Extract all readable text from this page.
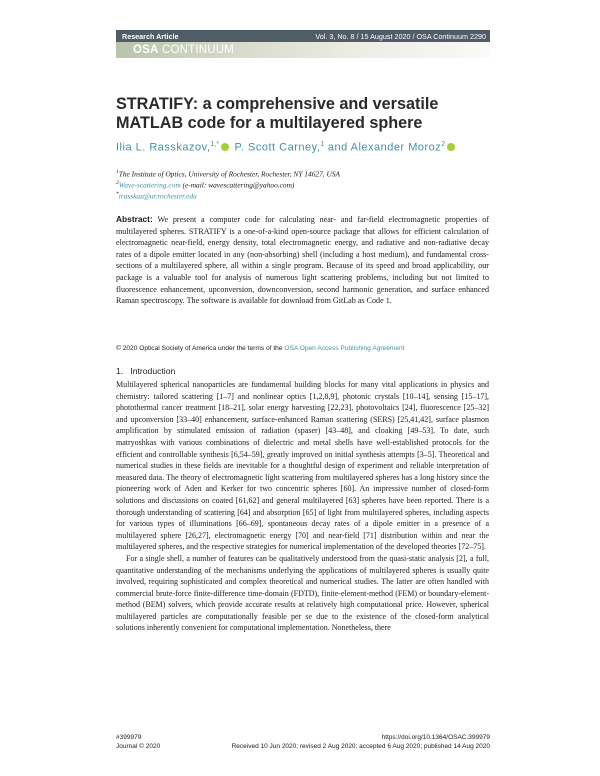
Research Article	Vol. 3, No. 8 / 15 August 2020 / OSA Continuum 2290
OSA CONTINUUM
STRATIFY: a comprehensive and versatile MATLAB code for a multilayered sphere
Ilia L. Rasskazov,$^{1,*}$ P. Scott Carney,$^1$ and Alexander Moroz$^2$
$^1$The Institute of Optics, University of Rochester, Rochester, NY 14627, USA
$^2$Wave-scattering.com (e-mail: wavescattering@yahoo.com)
*irasskaz@ur.rochester.edu
Abstract: We present a computer code for calculating near- and far-field electromagnetic properties of multilayered spheres. STRATIFY is a one-of-a-kind open-source package that allows for efficient calculation of electromagnetic near-field, energy density, total electromagnetic energy, and radiative and non-radiative decay rates of a dipole emitter located in any (non-absorbing) shell (including a host medium), and fundamental cross-sections of a multilayered sphere, all within a single program. Because of its speed and broad applicability, our package is a valuable tool for analysis of numerous light scattering problems, including but not limited to fluorescence enhancement, upconversion, downconversion, second harmonic generation, and surface enhanced Raman spectroscopy. The software is available for download from GitLab as Code 1.
© 2020 Optical Society of America under the terms of the OSA Open Access Publishing Agreement
1. Introduction

Multilayered spherical nanoparticles are fundamental building blocks for many vital applications in physics and chemistry: tailored scattering [1–7] and nonlinear optics [1,2,8,9], photonic crystals [10–14], sensing [15–17], photothermal cancer treatment [18–21], solar energy harvesting [22,23], photovoltaics [24], fluorescence [25–32] and upconversion [33–40] enhancement, surface-enhanced Raman scattering (SERS) [25,41,42], surface plasmon amplification by stimulated emission of radiation (spaser) [43–48], and cloaking [49–53]. To date, such matryoshkas with various combinations of dielectric and metal shells have well-established protocols for the efficient and controllable synthesis [6,54–59], greatly improved on initial synthesis attempts [3–5]. Theoretical and numerical studies in these fields are inevitable for a thoughtful design of experiment and reliable interpretation of measured data. The theory of electromagnetic light scattering from multilayered spheres has a long history since the pioneering work of Aden and Kerker for two concentric spheres [60]. An impressive number of closed-form solutions and discussions on coated [61,62] and general multilayered [63] spheres have been reported. There is a thorough understanding of scattering [64] and absorption [65] of light from multilayered spheres, including aspects for various types of illuminations [66–69], spontaneous decay rates of a dipole emitter in a presence of a multilayered sphere [26,27], electromagnetic energy [70] and near-field [71] distribution within and near the multilayered spheres, and the respective strategies for numerical implementation of the developed theories [72–75].

For a single shell, a number of features can be qualitatively understood from the quasi-static analysis [2], a full, quantitative understanding of the mechanisms underlying the applications of multilayered spheres is usually quite involved, requiring sophisticated and complex theoretical and numerical studies. The latter are often handled with commercial brute-force finite-difference time-domain (FDTD), finite-element-method (FEM) or boundary-element-method (BEM) solvers, which provide accurate results at relatively high computational price. However, spherical multilayered particles are computationally feasible per se due to the existence of the closed-form analytical solutions inherently convenient for computational implementation. Nonetheless, there

#399979
Journal © 2020
https://doi.org/10.1364/OSAC.399979
Received 10 Jun 2020; revised 2 Aug 2020; accepted 6 Aug 2020; published 14 Aug 2020
